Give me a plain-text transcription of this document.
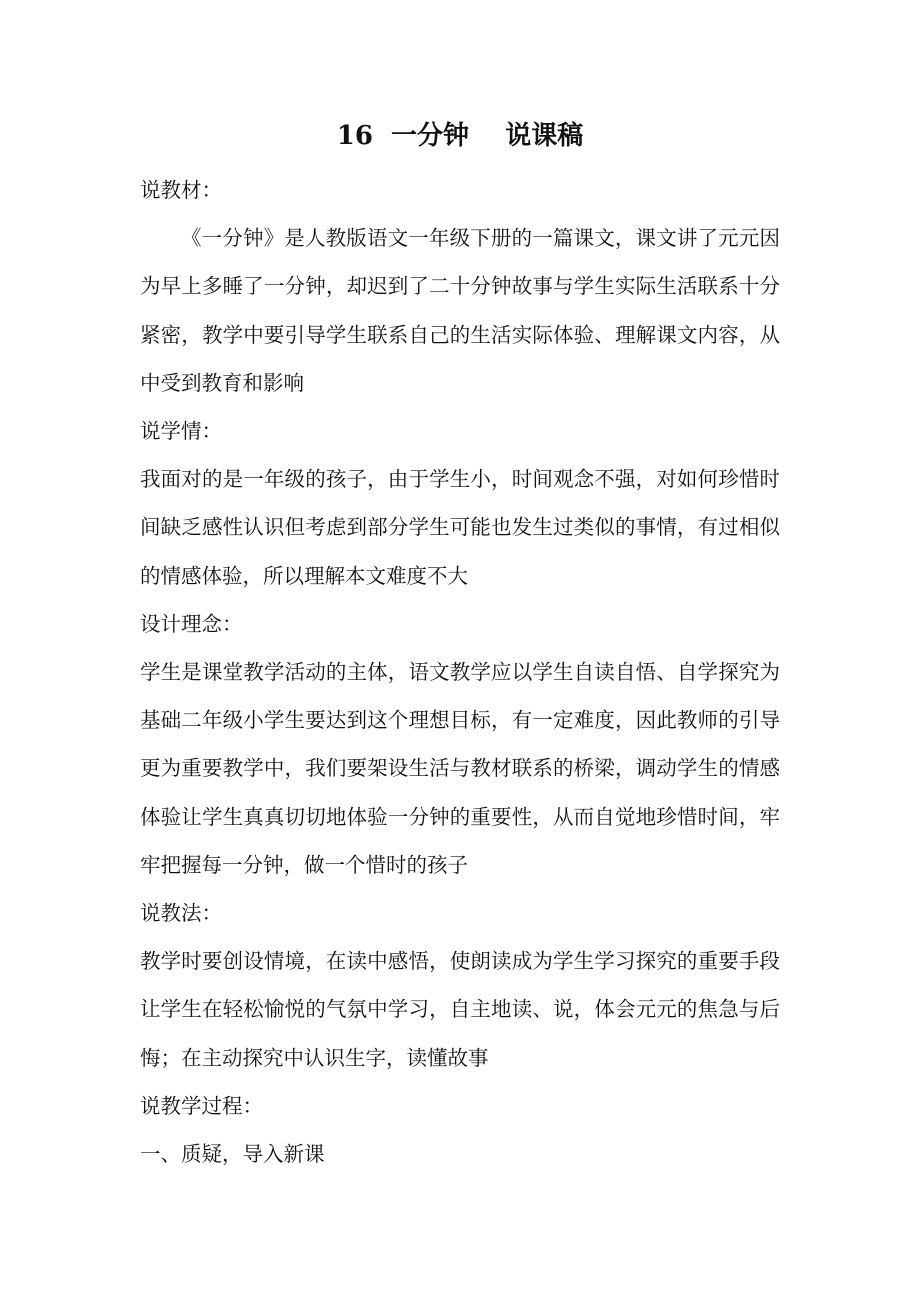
16  一分钟    说课稿

说教材：

《一分钟》是人教版语文一年级下册的一篇课文，课文讲了元元因为早上多睡了一分钟，却迟到了二十分钟故事与学生实际生活联系十分紧密，教学中要引导学生联系自己的生活实际体验、理解课文内容，从中受到教育和影响

说学情：

我面对的是一年级的孩子，由于学生小，时间观念不强，对如何珍惜时间缺乏感性认识但考虑到部分学生可能也发生过类似的事情，有过相似的情感体验，所以理解本文难度不大

设计理念：

学生是课堂教学活动的主体，语文教学应以学生自读自悟、自学探究为基础二年级小学生要达到这个理想目标，有一定难度，因此教师的引导更为重要教学中，我们要架设生活与教材联系的桥梁，调动学生的情感体验让学生真真切切地体验一分钟的重要性，从而自觉地珍惜时间，牢牢把握每一分钟，做一个惜时的孩子

说教法：

教学时要创设情境，在读中感悟，使朗读成为学生学习探究的重要手段让学生在轻松愉悦的气氛中学习，自主地读、说，体会元元的焦急与后悔；在主动探究中认识生字，读懂故事

说教学过程：

一、质疑，导入新课
